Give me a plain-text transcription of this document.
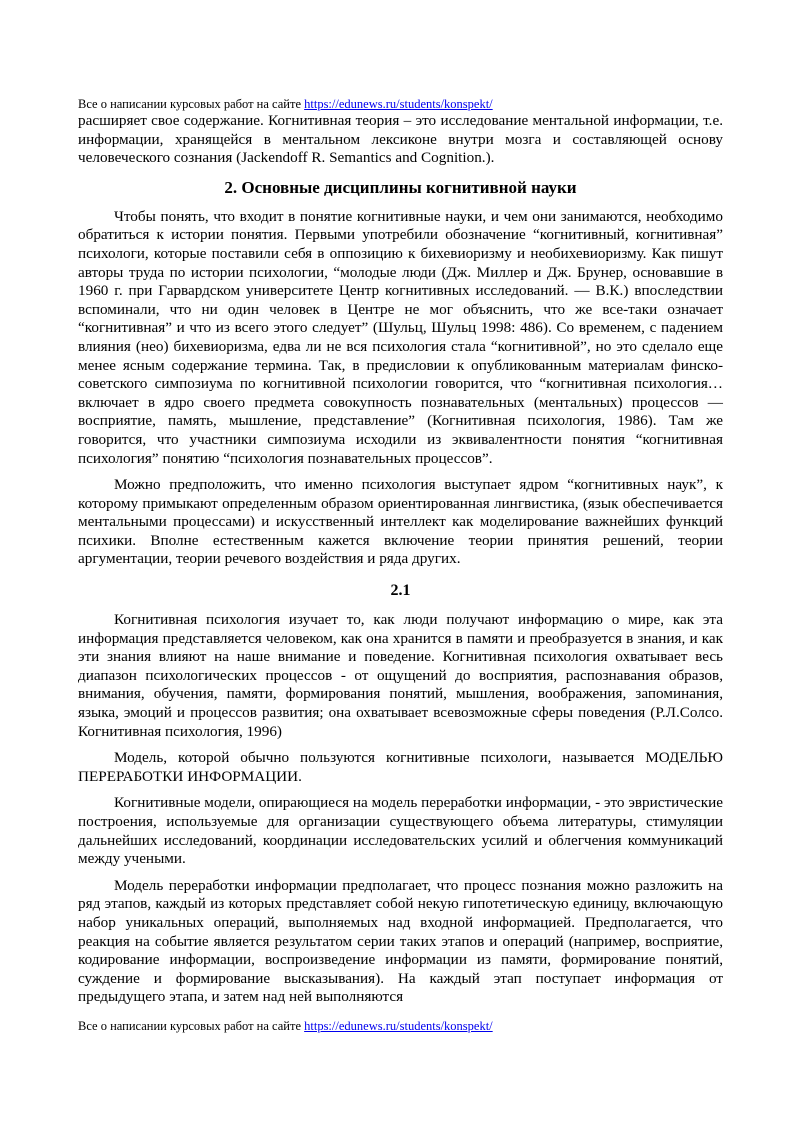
Все о написании курсовых работ на сайте https://edunews.ru/students/konspekt/

расширяет свое содержание. Когнитивная теория – это исследование ментальной информации, т.е. информации, хранящейся в ментальном лексиконе внутри мозга и составляющей основу человеческого сознания (Jackendoff R. Semantics and Cognition.).

2. Основные дисциплины когнитивной науки

Чтобы понять, что входит в понятие когнитивные науки, и чем они занимаются, необходимо обратиться к истории понятия. Первыми употребили обозначение “когнитивный, когнитивная” психологи, которые поставили себя в оппозицию к бихевиоризму и необихевиоризму. Как пишут авторы труда по истории психологии, “молодые люди (Дж. Миллер и Дж. Брунер, основавшие в 1960 г. при Гарвардском университете Центр когнитивных исследований. — В.К.) впоследствии вспоминали, что ни один человек в Центре не мог объяснить, что же все-таки означает “когнитивная” и что из всего этого следует” (Шульц, Шульц 1998: 486). Со временем, с падением влияния (нео) бихевиоризма, едва ли не вся психология стала “когнитивной”, но это сделало еще менее ясным содержание термина. Так, в предисловии к опубликованным материалам финско-советского симпозиума по когнитивной психологии говорится, что “когнитивная психология… включает в ядро своего предмета совокупность познавательных (ментальных) процессов — восприятие, память, мышление, представление” (Когнитивная психология, 1986). Там же говорится, что участники симпозиума исходили из эквивалентности понятия “когнитивная психология” понятию “психология познавательных процессов”.

Можно предположить, что именно психология выступает ядром “когнитивных наук”, к которому примыкают определенным образом ориентированная лингвистика, (язык обеспечивается ментальными процессами) и искусственный интеллект как моделирование важнейших функций психики. Вполне естественным кажется включение теории принятия решений, теории аргументации, теории речевого воздействия и ряда других.

2.1

Когнитивная психология изучает то, как люди получают информацию о мире, как эта информация представляется человеком, как она хранится в памяти и преобразуется в знания, и как эти знания влияют на наше внимание и поведение. Когнитивная психология охватывает весь диапазон психологических процессов - от ощущений до восприятия, распознавания образов, внимания, обучения, памяти, формирования понятий, мышления, воображения, запоминания, языка, эмоций и процессов развития; она охватывает всевозможные сферы поведения (Р.Л.Солсо. Когнитивная психология, 1996)

Модель, которой обычно пользуются когнитивные психологи, называется МОДЕЛЬЮ ПЕРЕРАБОТКИ ИНФОРМАЦИИ.

Когнитивные модели, опирающиеся на модель переработки информации, - это эвристические построения, используемые для организации существующего объема литературы, стимуляции дальнейших исследований, координации исследовательских усилий и облегчения коммуникаций между учеными.

Модель переработки информации предполагает, что процесс познания можно разложить на ряд этапов, каждый из которых представляет собой некую гипотетическую единицу, включающую набор уникальных операций, выполняемых над входной информацией. Предполагается, что реакция на событие является результатом серии таких этапов и операций (например, восприятие, кодирование информации, воспроизведение информации из памяти, формирование понятий, суждение и формирование высказывания). На каждый этап поступает информация от предыдущего этапа, и затем над ней выполняются

Все о написании курсовых работ на сайте https://edunews.ru/students/konspekt/
